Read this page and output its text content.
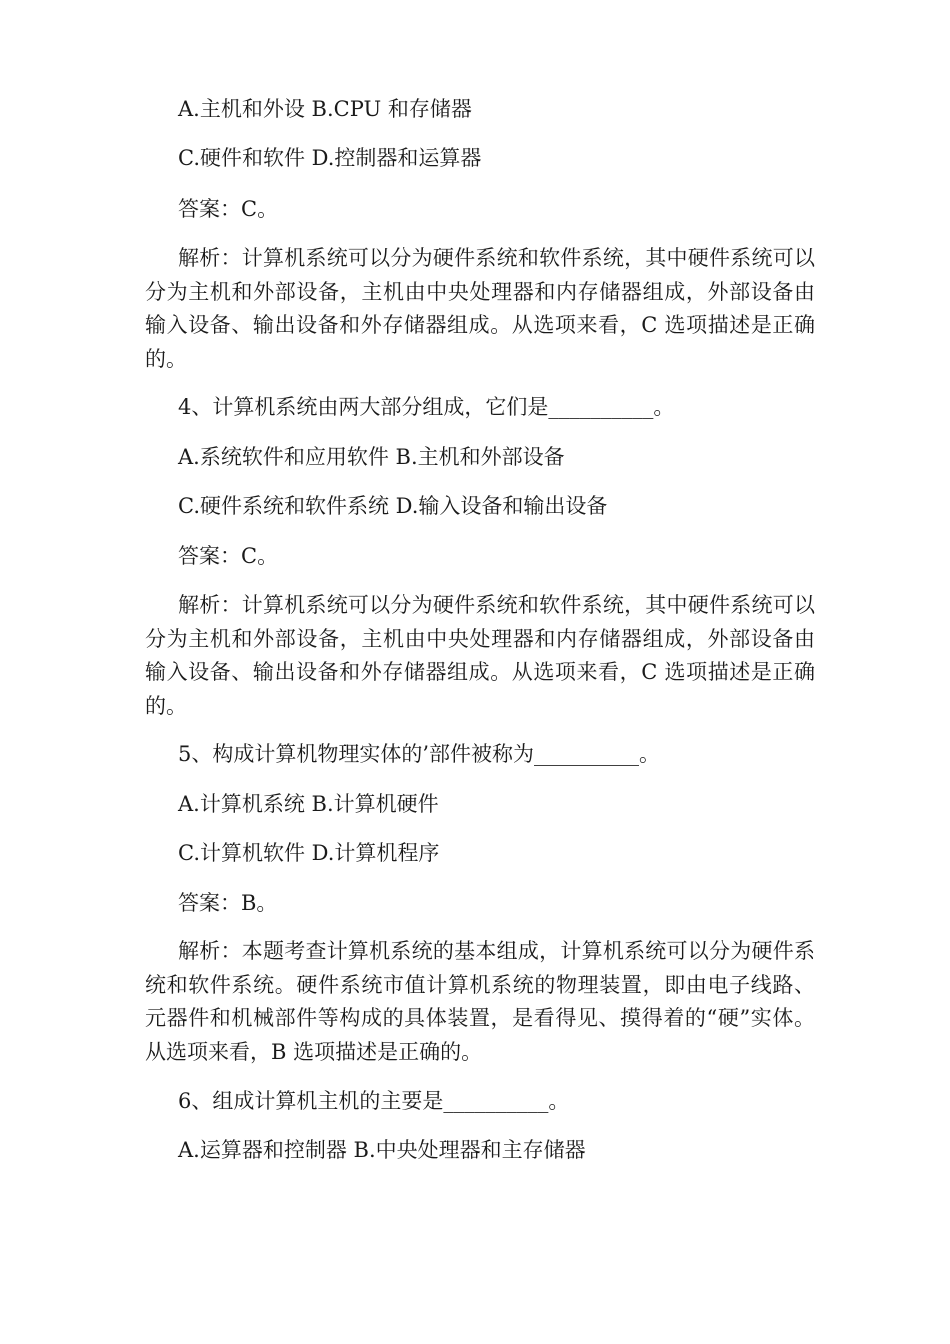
A.主机和外设 B.CPU 和存储器
C.硬件和软件 D.控制器和运算器
答案：C。
解析：计算机系统可以分为硬件系统和软件系统，其中硬件系统可以分为主机和外部设备，主机由中央处理器和内存储器组成，外部设备由输入设备、输出设备和外存储器组成。从选项来看，C 选项描述是正确的。
4、计算机系统由两大部分组成，它们是__________。
A.系统软件和应用软件 B.主机和外部设备
C.硬件系统和软件系统 D.输入设备和输出设备
答案：C。
解析：计算机系统可以分为硬件系统和软件系统，其中硬件系统可以分为主机和外部设备，主机由中央处理器和内存储器组成，外部设备由输入设备、输出设备和外存储器组成。从选项来看，C 选项描述是正确的。
5、构成计算机物理实体的’部件被称为__________。
A.计算机系统 B.计算机硬件
C.计算机软件 D.计算机程序
答案：B。
解析：本题考查计算机系统的基本组成，计算机系统可以分为硬件系统和软件系统。硬件系统市值计算机系统的物理装置，即由电子线路、元器件和机械部件等构成的具体装置，是看得见、摸得着的“硬”实体。从选项来看，B 选项描述是正确的。
6、组成计算机主机的主要是__________。
A.运算器和控制器 B.中央处理器和主存储器
